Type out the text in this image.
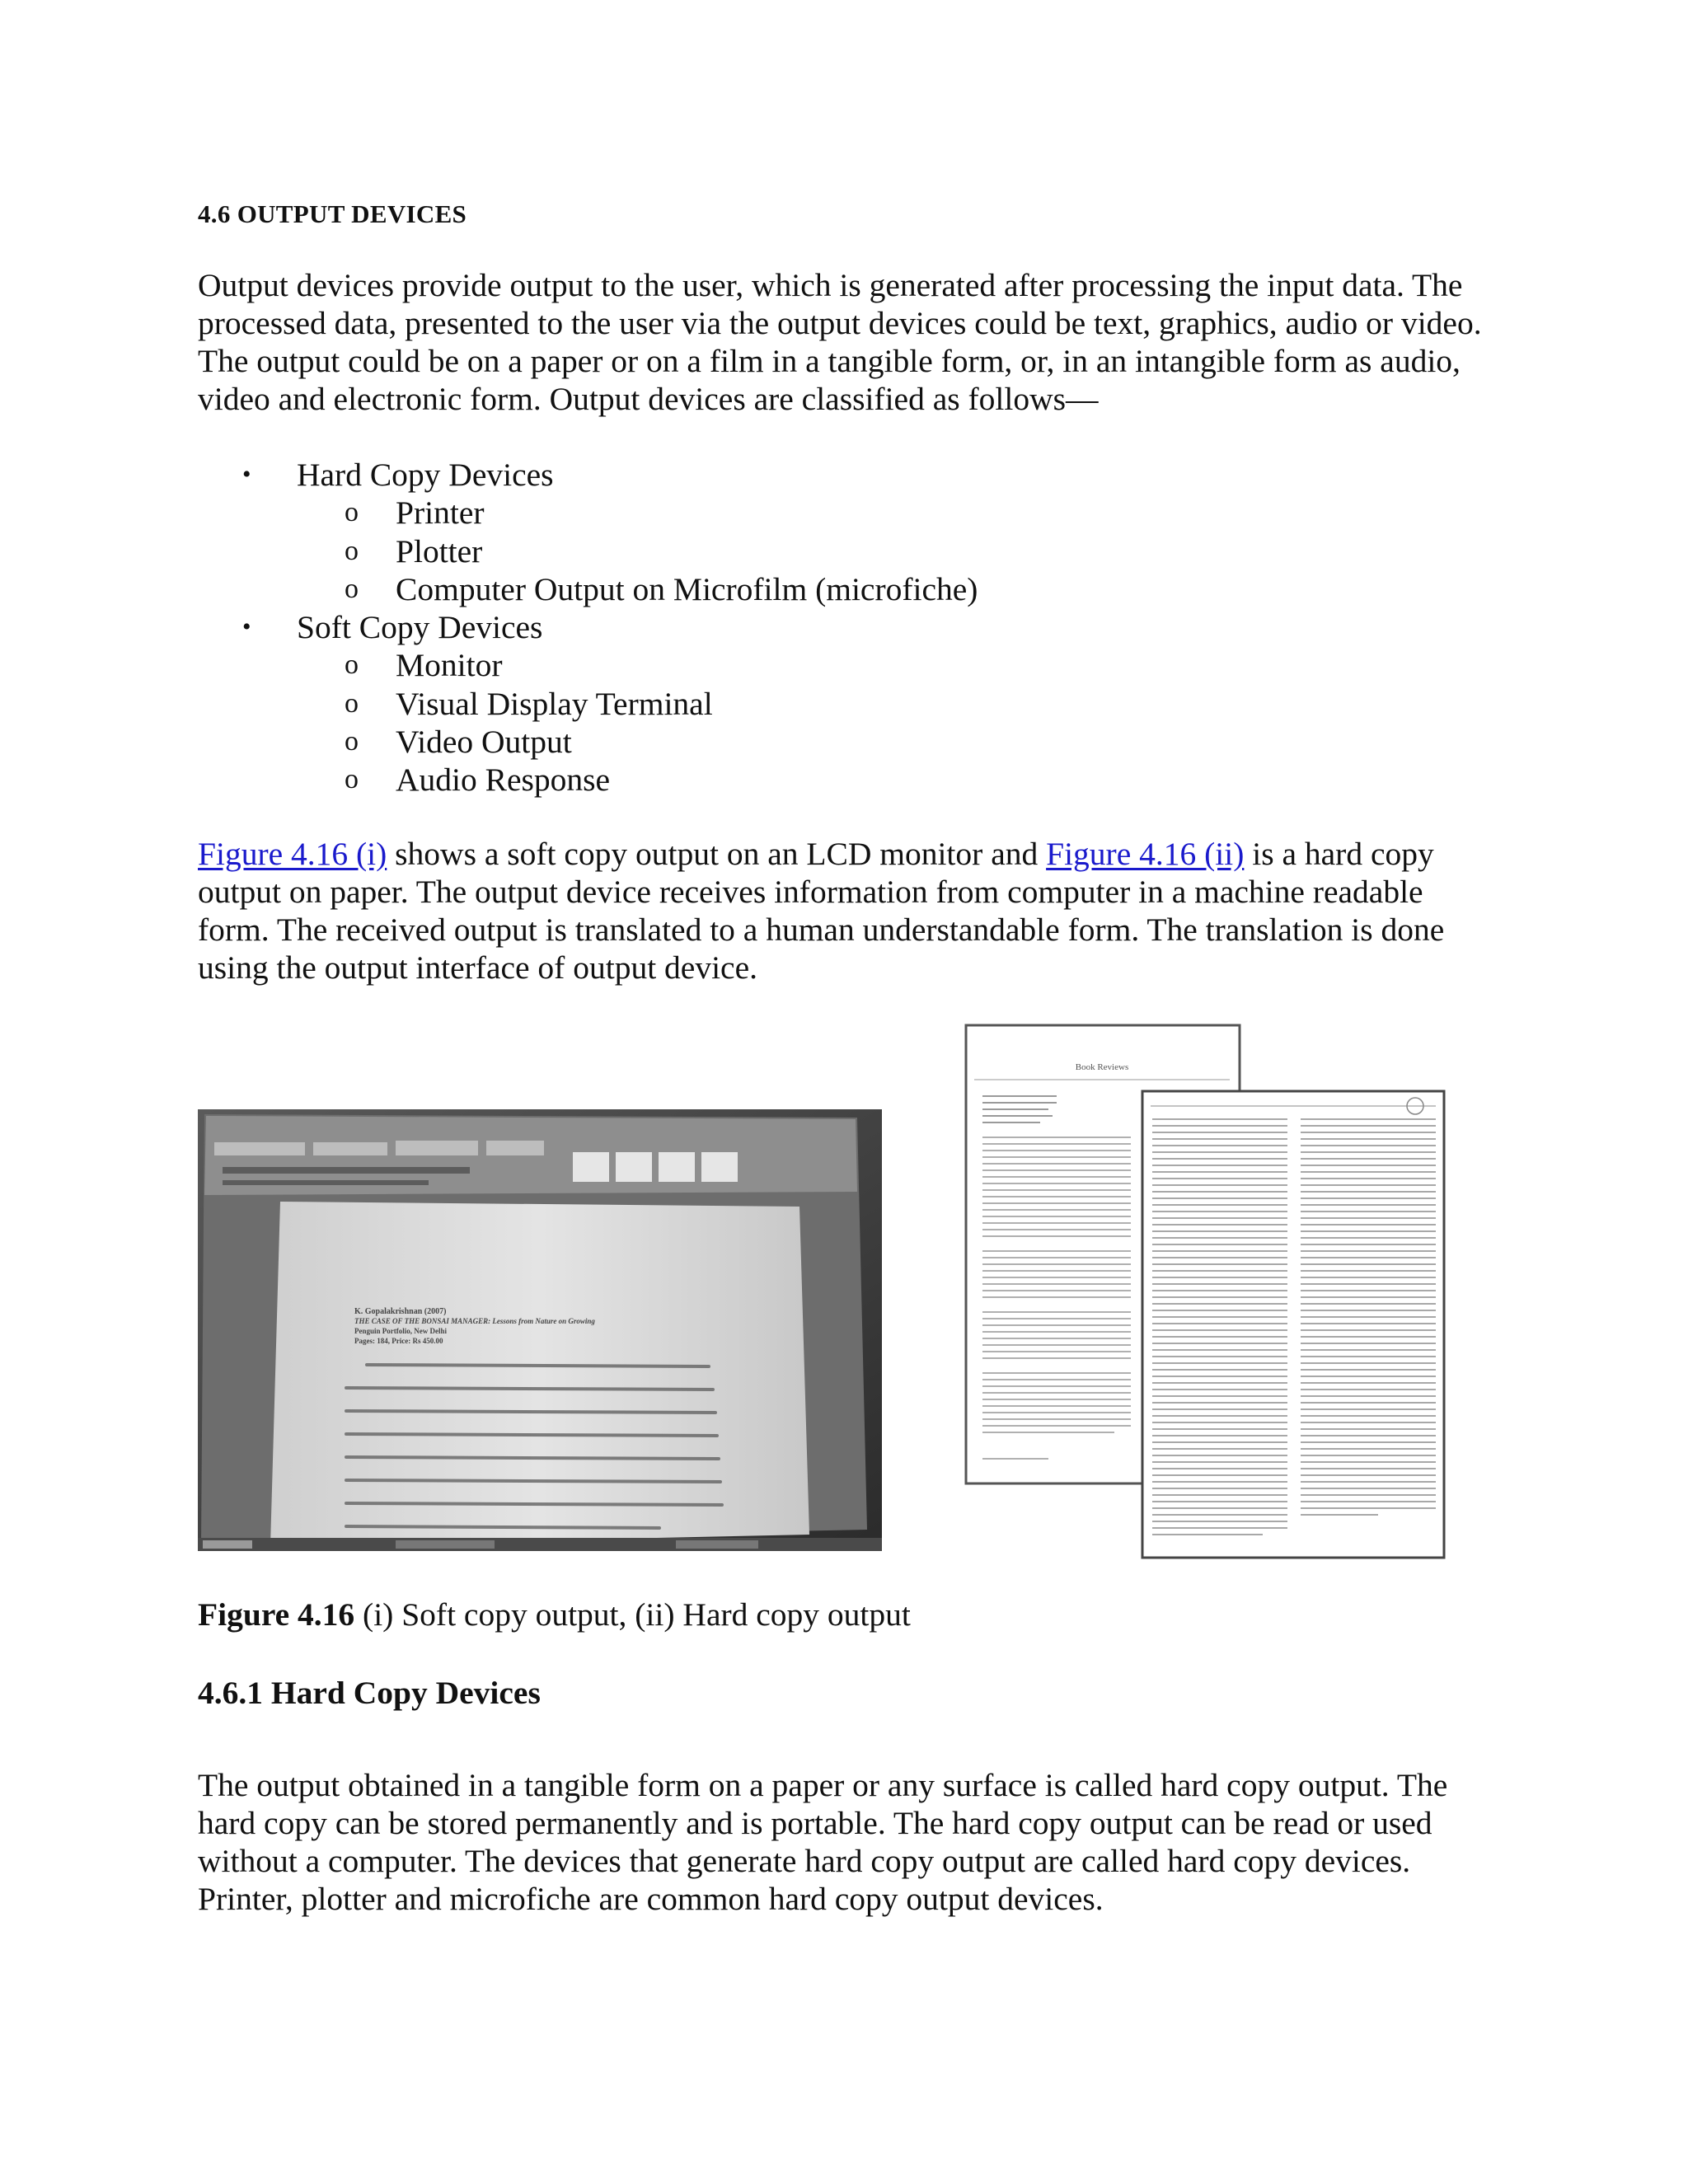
4.6 OUTPUT DEVICES

Output devices provide output to the user, which is generated after processing the input data. The processed data, presented to the user via the output devices could be text, graphics, audio or video. The output could be on a paper or on a film in a tangible form, or, in an intangible form as audio, video and electronic form. Output devices are classified as follows—

• Hard Copy Devices
o Printer
o Plotter
o Computer Output on Microfilm (microfiche)
• Soft Copy Devices
o Monitor
o Visual Display Terminal
o Video Output
o Audio Response

Figure 4.16 (i) shows a soft copy output on an LCD monitor and Figure 4.16 (ii) is a hard copy output on paper. The output device receives information from computer in a machine readable form. The received output is translated to a human understandable form. The translation is done using the output interface of output device.

K. Gopalakrishnan (2007)
THE CASE OF THE BONSAI MANAGER: Lessons from Nature on Growing
Penguin Portfolio, New Delhi
Pages: 184, Price: Rs 450.00
Book Reviews

Figure 4.16 (i) Soft copy output, (ii) Hard copy output

4.6.1 Hard Copy Devices

The output obtained in a tangible form on a paper or any surface is called hard copy output. The hard copy can be stored permanently and is portable. The hard copy output can be read or used without a computer. The devices that generate hard copy output are called hard copy devices. Printer, plotter and microfiche are common hard copy output devices.
